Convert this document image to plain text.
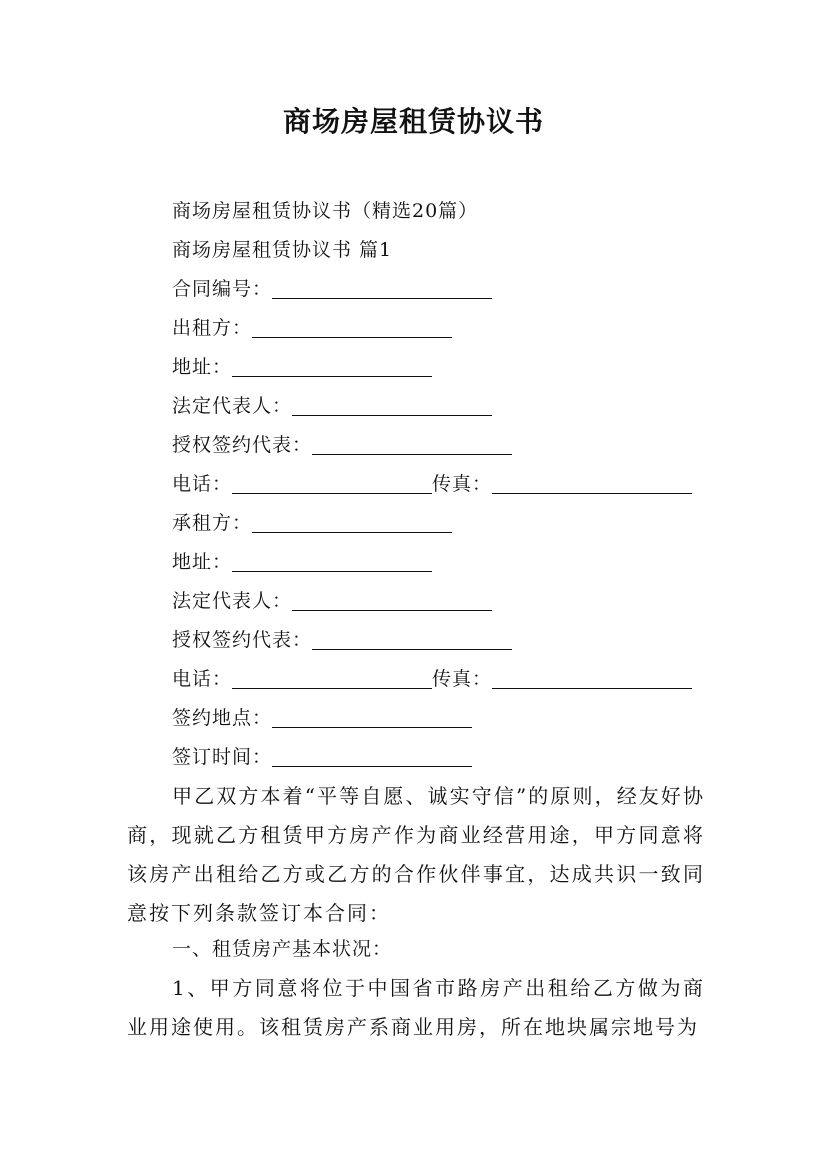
商场房屋租赁协议书
商场房屋租赁协议书（精选20篇）
商场房屋租赁协议书 篇1
合同编号：
出租方：
地址：
法定代表人：
授权签约代表：
电话：	传真：
承租方：
地址：
法定代表人：
授权签约代表：
电话：	传真：
签约地点：
签订时间：
甲乙双方本着“平等自愿、诚实守信”的原则，经友好协商，现就乙方租赁甲方房产作为商业经营用途，甲方同意将该房产出租给乙方或乙方的合作伙伴事宜，达成共识一致同意按下列条款签订本合同：
一、租赁房产基本状况：
1、甲方同意将位于中国省市路房产出租给乙方做为商业用途使用。该租赁房产系商业用房，所在地块属宗地号为
